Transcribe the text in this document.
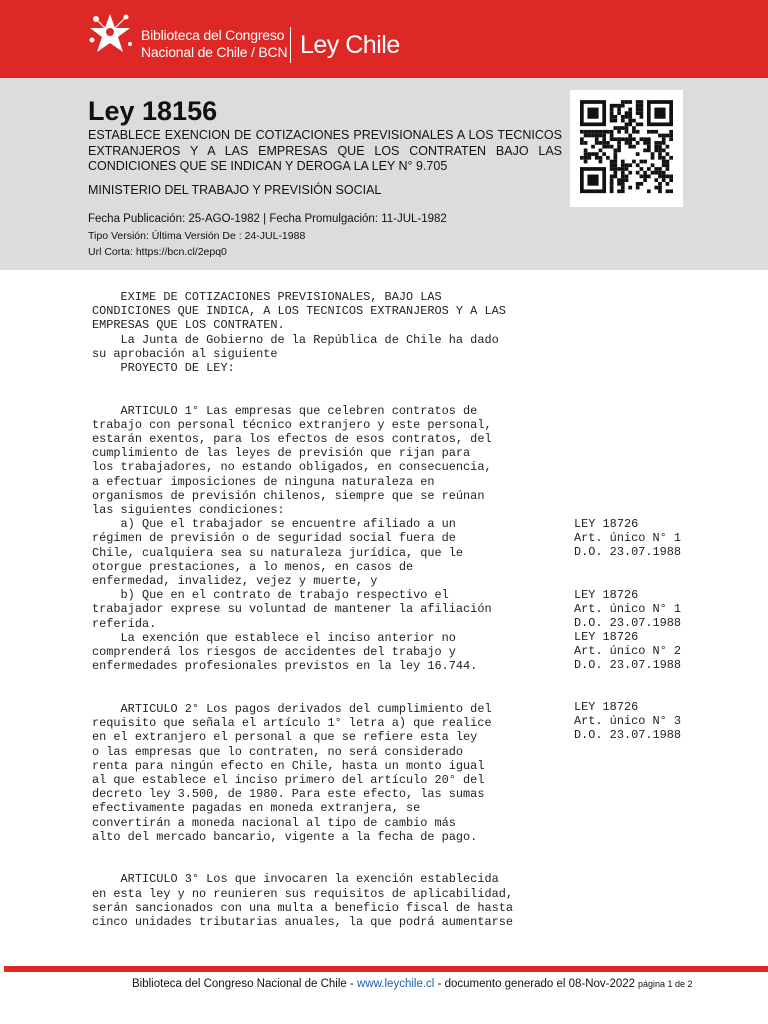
Biblioteca del Congreso
Nacional de Chile / BCN Ley Chile
Ley 18156

ESTABLECE EXENCION DE COTIZACIONES PREVISIONALES A LOS TECNICOS EXTRANJEROS Y A LAS EMPRESAS QUE LOS CONTRATEN BAJO LAS CONDICIONES QUE SE INDICAN Y DEROGA LA LEY N° 9.705

MINISTERIO DEL TRABAJO Y PREVISIÓN SOCIAL
Fecha Publicación: 25-AGO-1982 | Fecha Promulgación: 11-JUL-1982
Tipo Versión: Última Versión De : 24-JUL-1988
Url Corta: https://bcn.cl/2epq0
EXIME DE COTIZACIONES PREVISIONALES, BAJO LAS
CONDICIONES QUE INDICA, A LOS TECNICOS EXTRANJEROS Y A LAS
EMPRESAS QUE LOS CONTRATEN.
La Junta de Gobierno de la República de Chile ha dado
su aprobación al siguiente
PROYECTO DE LEY:

ARTICULO 1° Las empresas que celebren contratos de
trabajo con personal técnico extranjero y este personal,
estarán exentos, para los efectos de esos contratos, del
cumplimiento de las leyes de previsión que rijan para
los trabajadores, no estando obligados, en consecuencia,
a efectuar imposiciones de ninguna naturaleza en
organismos de previsión chilenos, siempre que se reúnan
las siguientes condiciones:
a) Que el trabajador se encuentre afiliado a un
régimen de previsión o de seguridad social fuera de
Chile, cualquiera sea su naturaleza jurídica, que le
otorgue prestaciones, a lo menos, en casos de
enfermedad, invalidez, vejez y muerte, y
b) Que en el contrato de trabajo respectivo el
trabajador exprese su voluntad de mantener la afiliación
referida.
La exención que establece el inciso anterior no
comprenderá los riesgos de accidentes del trabajo y
enfermedades profesionales previstos en la ley 16.744.

ARTICULO 2° Los pagos derivados del cumplimiento del
requisito que señala el artículo 1° letra a) que realice
en el extranjero el personal a que se refiere esta ley
o las empresas que lo contraten, no será considerado
renta para ningún efecto en Chile, hasta un monto igual
al que establece el inciso primero del artículo 20° del
decreto ley 3.500, de 1980. Para este efecto, las sumas
efectivamente pagadas en moneda extranjera, se
convertirán a moneda nacional al tipo de cambio más
alto del mercado bancario, vigente a la fecha de pago.

ARTICULO 3° Los que invocaren la exención establecida
en esta ley y no reunieren sus requisitos de aplicabilidad,
serán sancionados con una multa a beneficio fiscal de hasta
cinco unidades tributarias anuales, la que podrá aumentarse
LEY 18726
Art. único N° 1
D.O. 23.07.1988
LEY 18726
Art. único N° 1
D.O. 23.07.1988
LEY 18726
Art. único N° 2
D.O. 23.07.1988
LEY 18726
Art. único N° 3
D.O. 23.07.1988
Biblioteca del Congreso Nacional de Chile - www.leychile.cl - documento generado el 08-Nov-2022 página 1 de 2
